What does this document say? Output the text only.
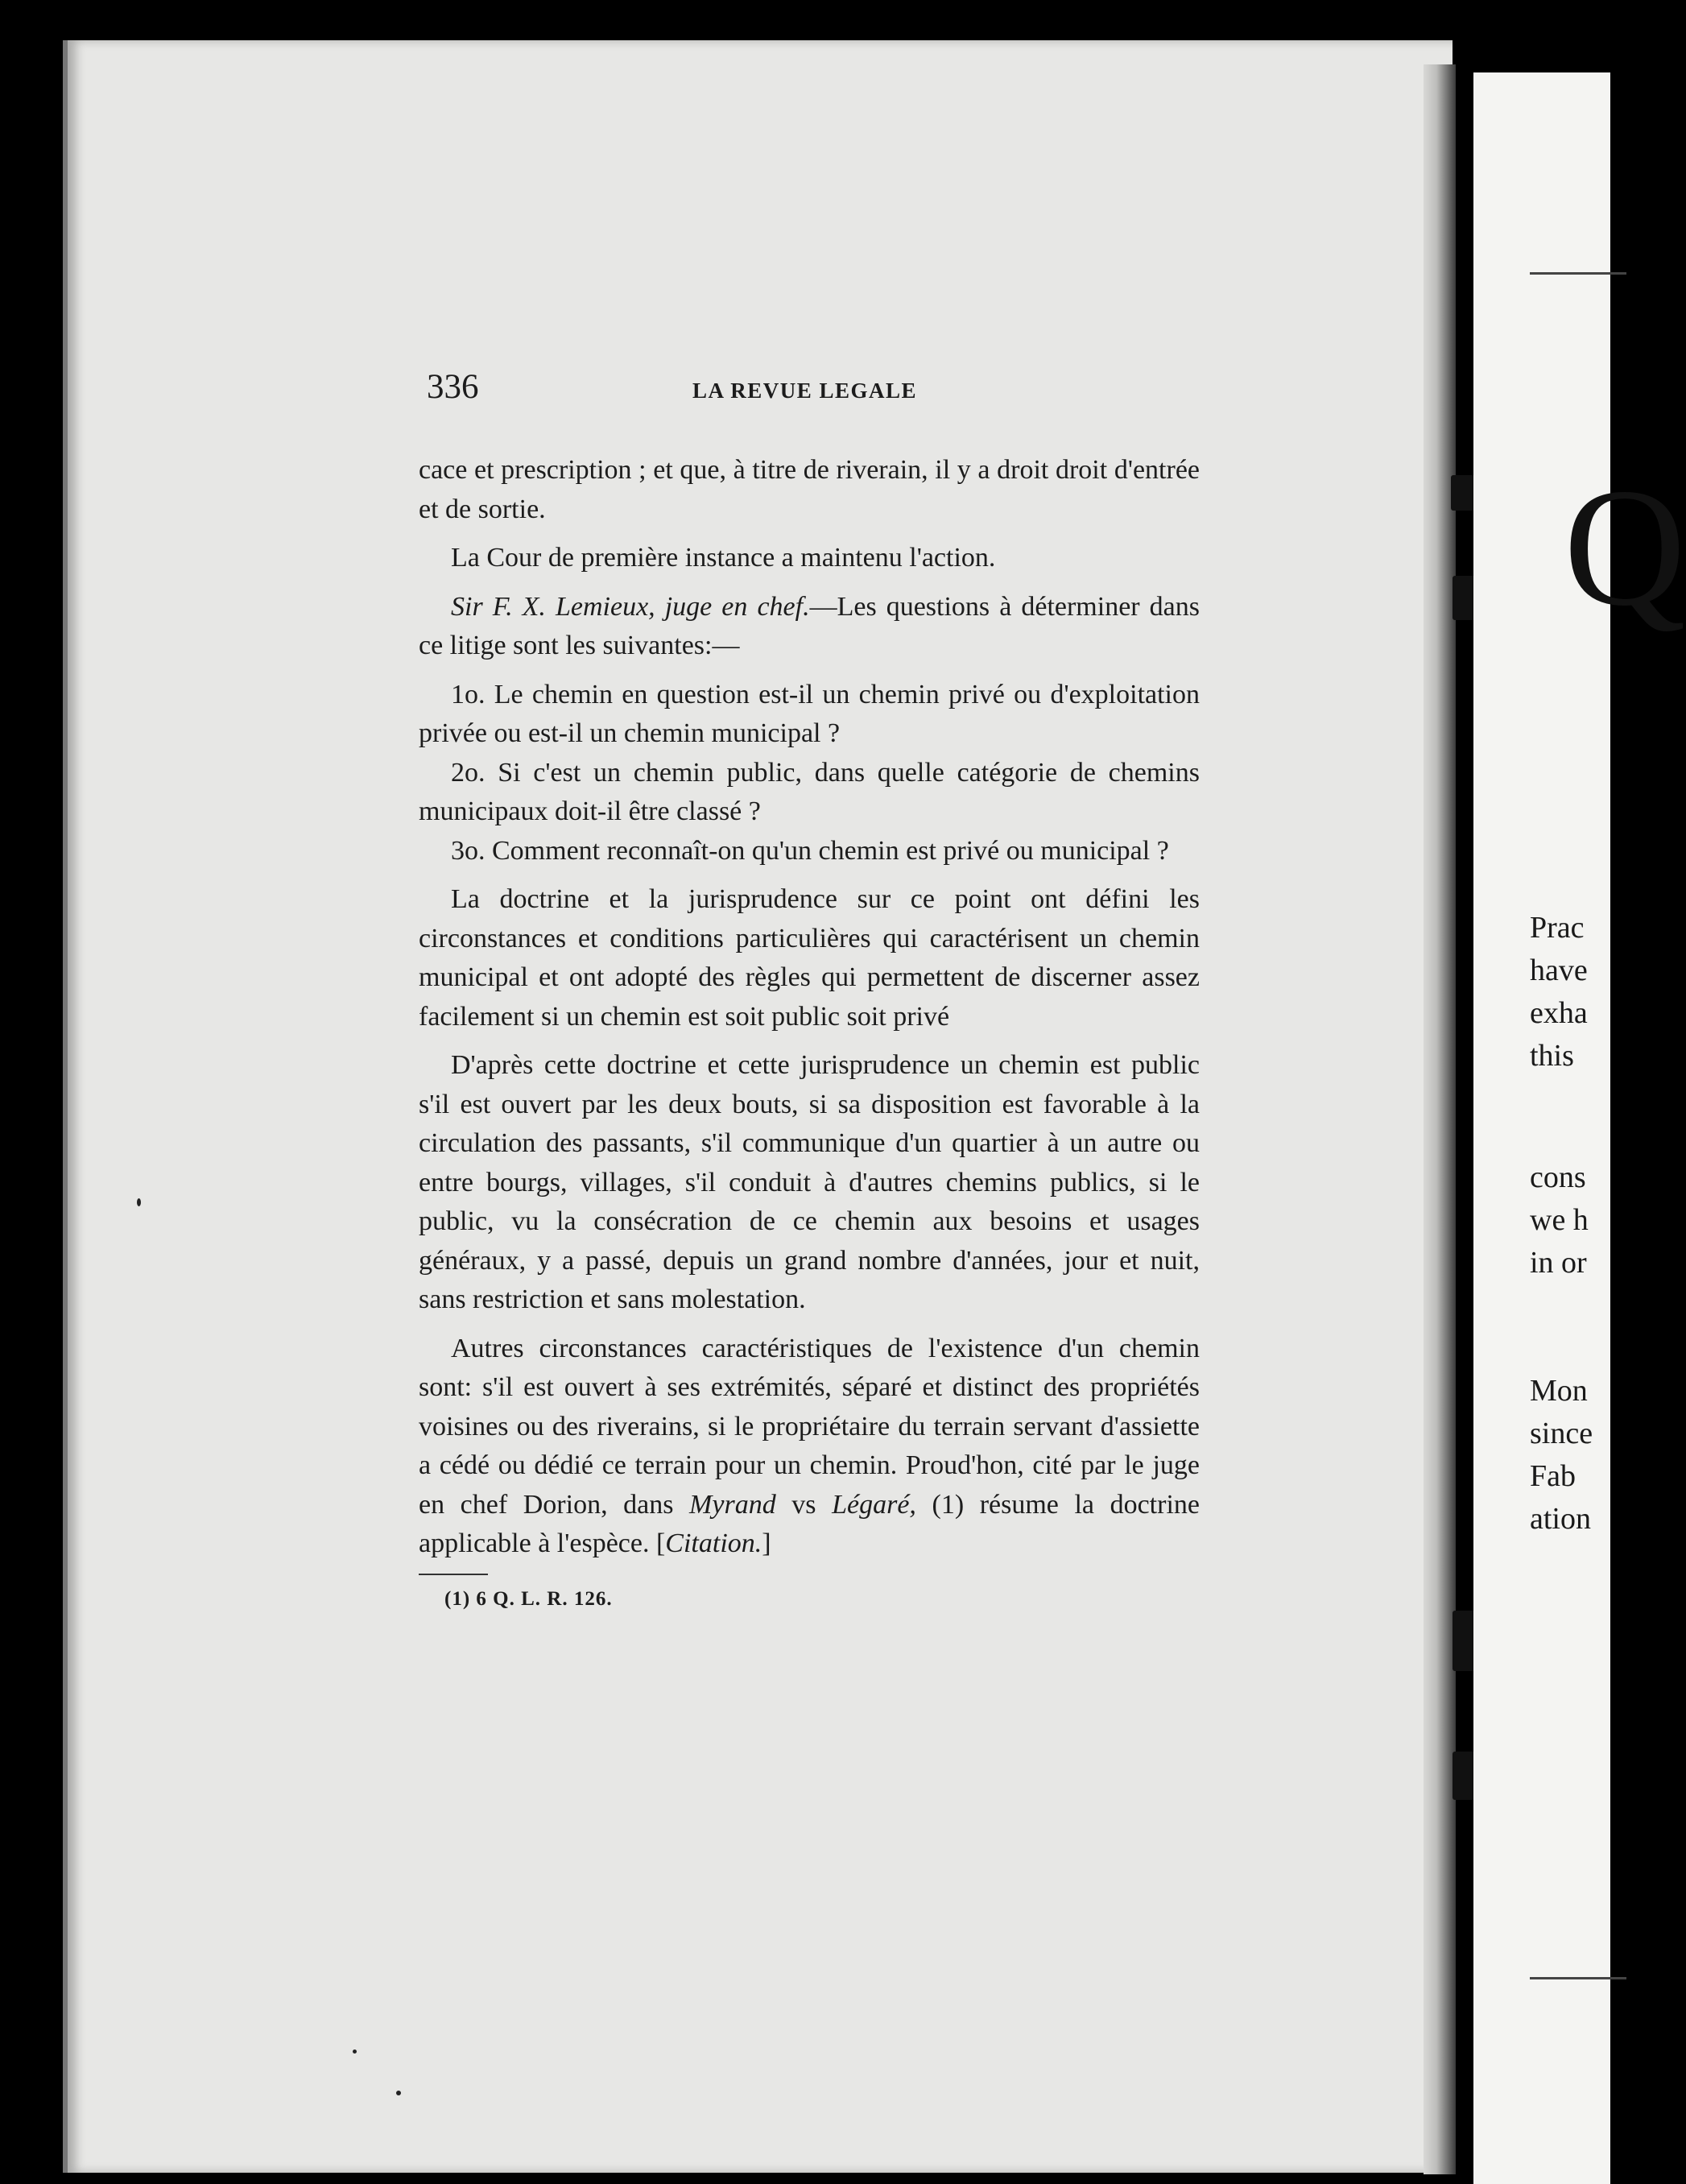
Q
Prac
have
exha
this
cons
we h
in or
Mon
since
Fab
ation
336	LA REVUE LEGALE

cace et prescription ; et que, à titre de riverain, il y a droit droit d'entrée et de sortie.

La Cour de première instance a maintenu l'action.

Sir F. X. Lemieux, juge en chef.—Les questions à déterminer dans ce litige sont les suivantes:—

1o. Le chemin en question est-il un chemin privé ou d'exploitation privée ou est-il un chemin municipal ?

2o. Si c'est un chemin public, dans quelle catégorie de chemins municipaux doit-il être classé ?

3o. Comment reconnaît-on qu'un chemin est privé ou municipal ?

La doctrine et la jurisprudence sur ce point ont défini les circonstances et conditions particulières qui caractérisent un chemin municipal et ont adopté des règles qui permettent de discerner assez facilement si un chemin est soit public soit privé

D'après cette doctrine et cette jurisprudence un chemin est public s'il est ouvert par les deux bouts, si sa disposition est favorable à la circulation des passants, s'il communique d'un quartier à un autre ou entre bourgs, villages, s'il conduit à d'autres chemins publics, si le public, vu la consécration de ce chemin aux besoins et usages généraux, y a passé, depuis un grand nombre d'années, jour et nuit, sans restriction et sans molestation.

Autres circonstances caractéristiques de l'existence d'un chemin sont: s'il est ouvert à ses extrémités, séparé et distinct des propriétés voisines ou des riverains, si le propriétaire du terrain servant d'assiette a cédé ou dédié ce terrain pour un chemin. Proud'hon, cité par le juge en chef Dorion, dans Myrand vs Légaré, (1) résume la doctrine applicable à l'espèce. [Citation.]

(1) 6 Q. L. R. 126.
